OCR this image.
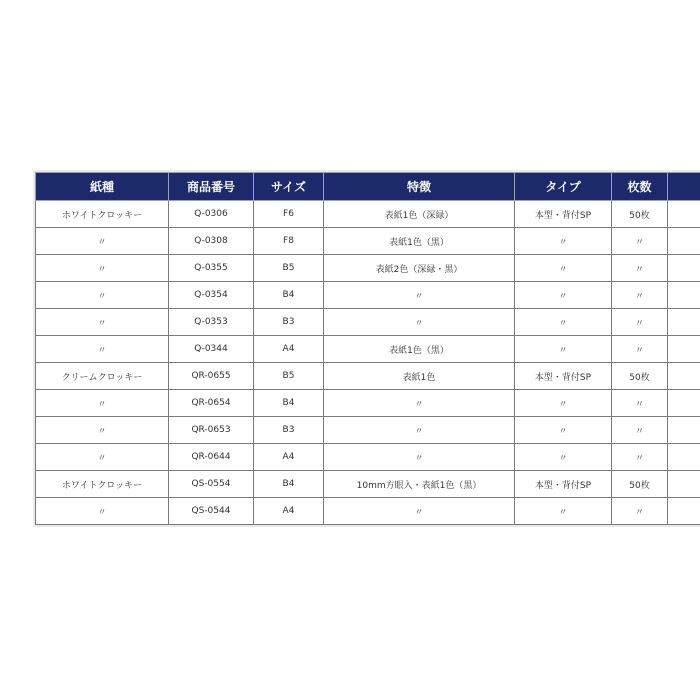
紙種	商品番号	サイズ	特徴	タイプ	枚数	
ホワイトクロッキー	Q-0306	F6	表紙1色（深緑）	本型・背付SP	50枚	
〃	Q-0308	F8	表紙1色（黒）	〃	〃	
〃	Q-0355	B5	表紙2色（深緑・黒）	〃	〃	
〃	Q-0354	B4	〃	〃	〃	
〃	Q-0353	B3	〃	〃	〃	
〃	Q-0344	A4	表紙1色（黒）	〃	〃	
クリームクロッキー	QR-0655	B5	表紙1色	本型・背付SP	50枚	
〃	QR-0654	B4	〃	〃	〃	
〃	QR-0653	B3	〃	〃	〃	
〃	QR-0644	A4	〃	〃	〃	
ホワイトクロッキー	QS-0554	B4	10mm方眼入・表紙1色（黒）	本型・背付SP	50枚	
〃	QS-0544	A4	〃	〃	〃	
